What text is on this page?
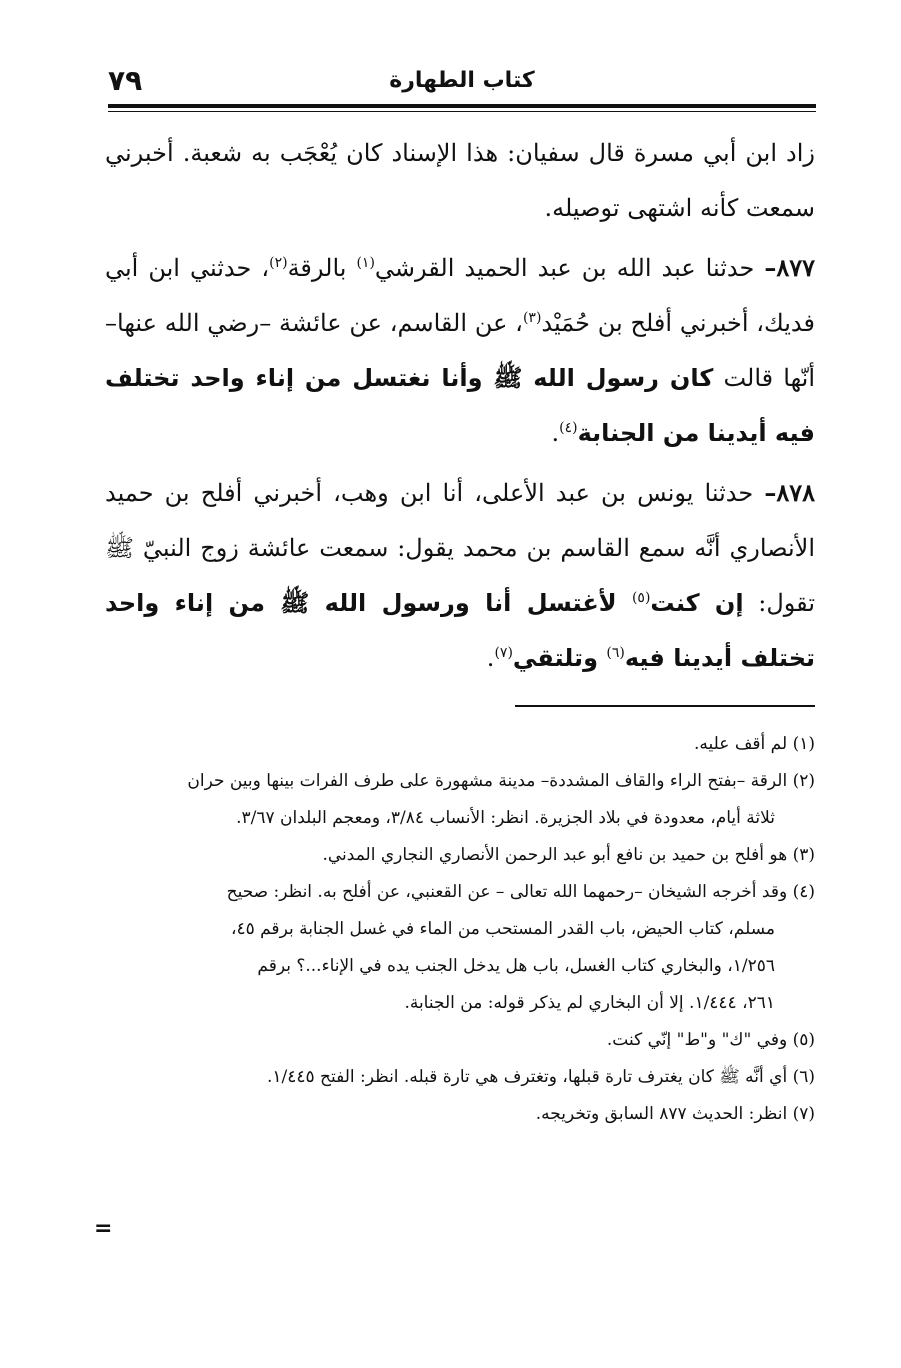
كتاب الطهارة
٧٩

زاد ابن أبي مسرة قال سفيان: هذا الإسناد كان يُعْجَب به شعبة. أخبرني سمعت كأنه اشتهى توصيله.

٨٧٧– حدثنا عبد الله بن عبد الحميد القرشي$^{(١)}$ بالرقة$^{(٢)}$، حدثني ابن أبي فديك، أخبرني أفلح بن حُمَيْد$^{(٣)}$، عن القاسم، عن عائشة –رضي الله عنها– أنّها قالت كان رسول الله ﷺ وأنا نغتسل من إناء واحد تختلف فيه أيدينا من الجنابة$^{(٤)}$.

٨٧٨– حدثنا يونس بن عبد الأعلى، أنا ابن وهب، أخبرني أفلح بن حميد الأنصاري أنَّه سمع القاسم بن محمد يقول: سمعت عائشة زوج النبيّ ﷺ تقول: إن كنت$^{(٥)}$ لأغتسل أنا ورسول الله ﷺ من إناء واحد تختلف أيدينا فيه$^{(٦)}$ وتلتقي$^{(٧)}$.

(١) لم أقف عليه.

(٢) الرقة –بفتح الراء والقاف المشددة– مدينة مشهورة على طرف الفرات بينها وبين حران

ثلاثة أيام، معدودة في بلاد الجزيرة. انظر: الأنساب ٣/٨٤، ومعجم البلدان ٣/٦٧.

(٣) هو أفلح بن حميد بن نافع أبو عبد الرحمن الأنصاري النجاري المدني.

(٤) وقد أخرجه الشيخان –رحمهما الله تعالى – عن القعنبي، عن أفلح به. انظر: صحيح

مسلم، كتاب الحيض، باب القدر المستحب من الماء في غسل الجنابة برقم ٤٥،

١/٢٥٦، والبخاري كتاب الغسل، باب هل يدخل الجنب يده في الإناء...؟ برقم

٢٦١، ١/٤٤٤. إلا أن البخاري لم يذكر قوله: من الجنابة.

(٥) وفي "ك" و"ط" إنّي كنت.

(٦) أي أنَّه ﷺ كان يغترف تارة قبلها، وتغترف هي تارة قبله. انظر: الفتح ١/٤٤٥.

(٧) انظر: الحديث ٨٧٧ السابق وتخريجه.

=
